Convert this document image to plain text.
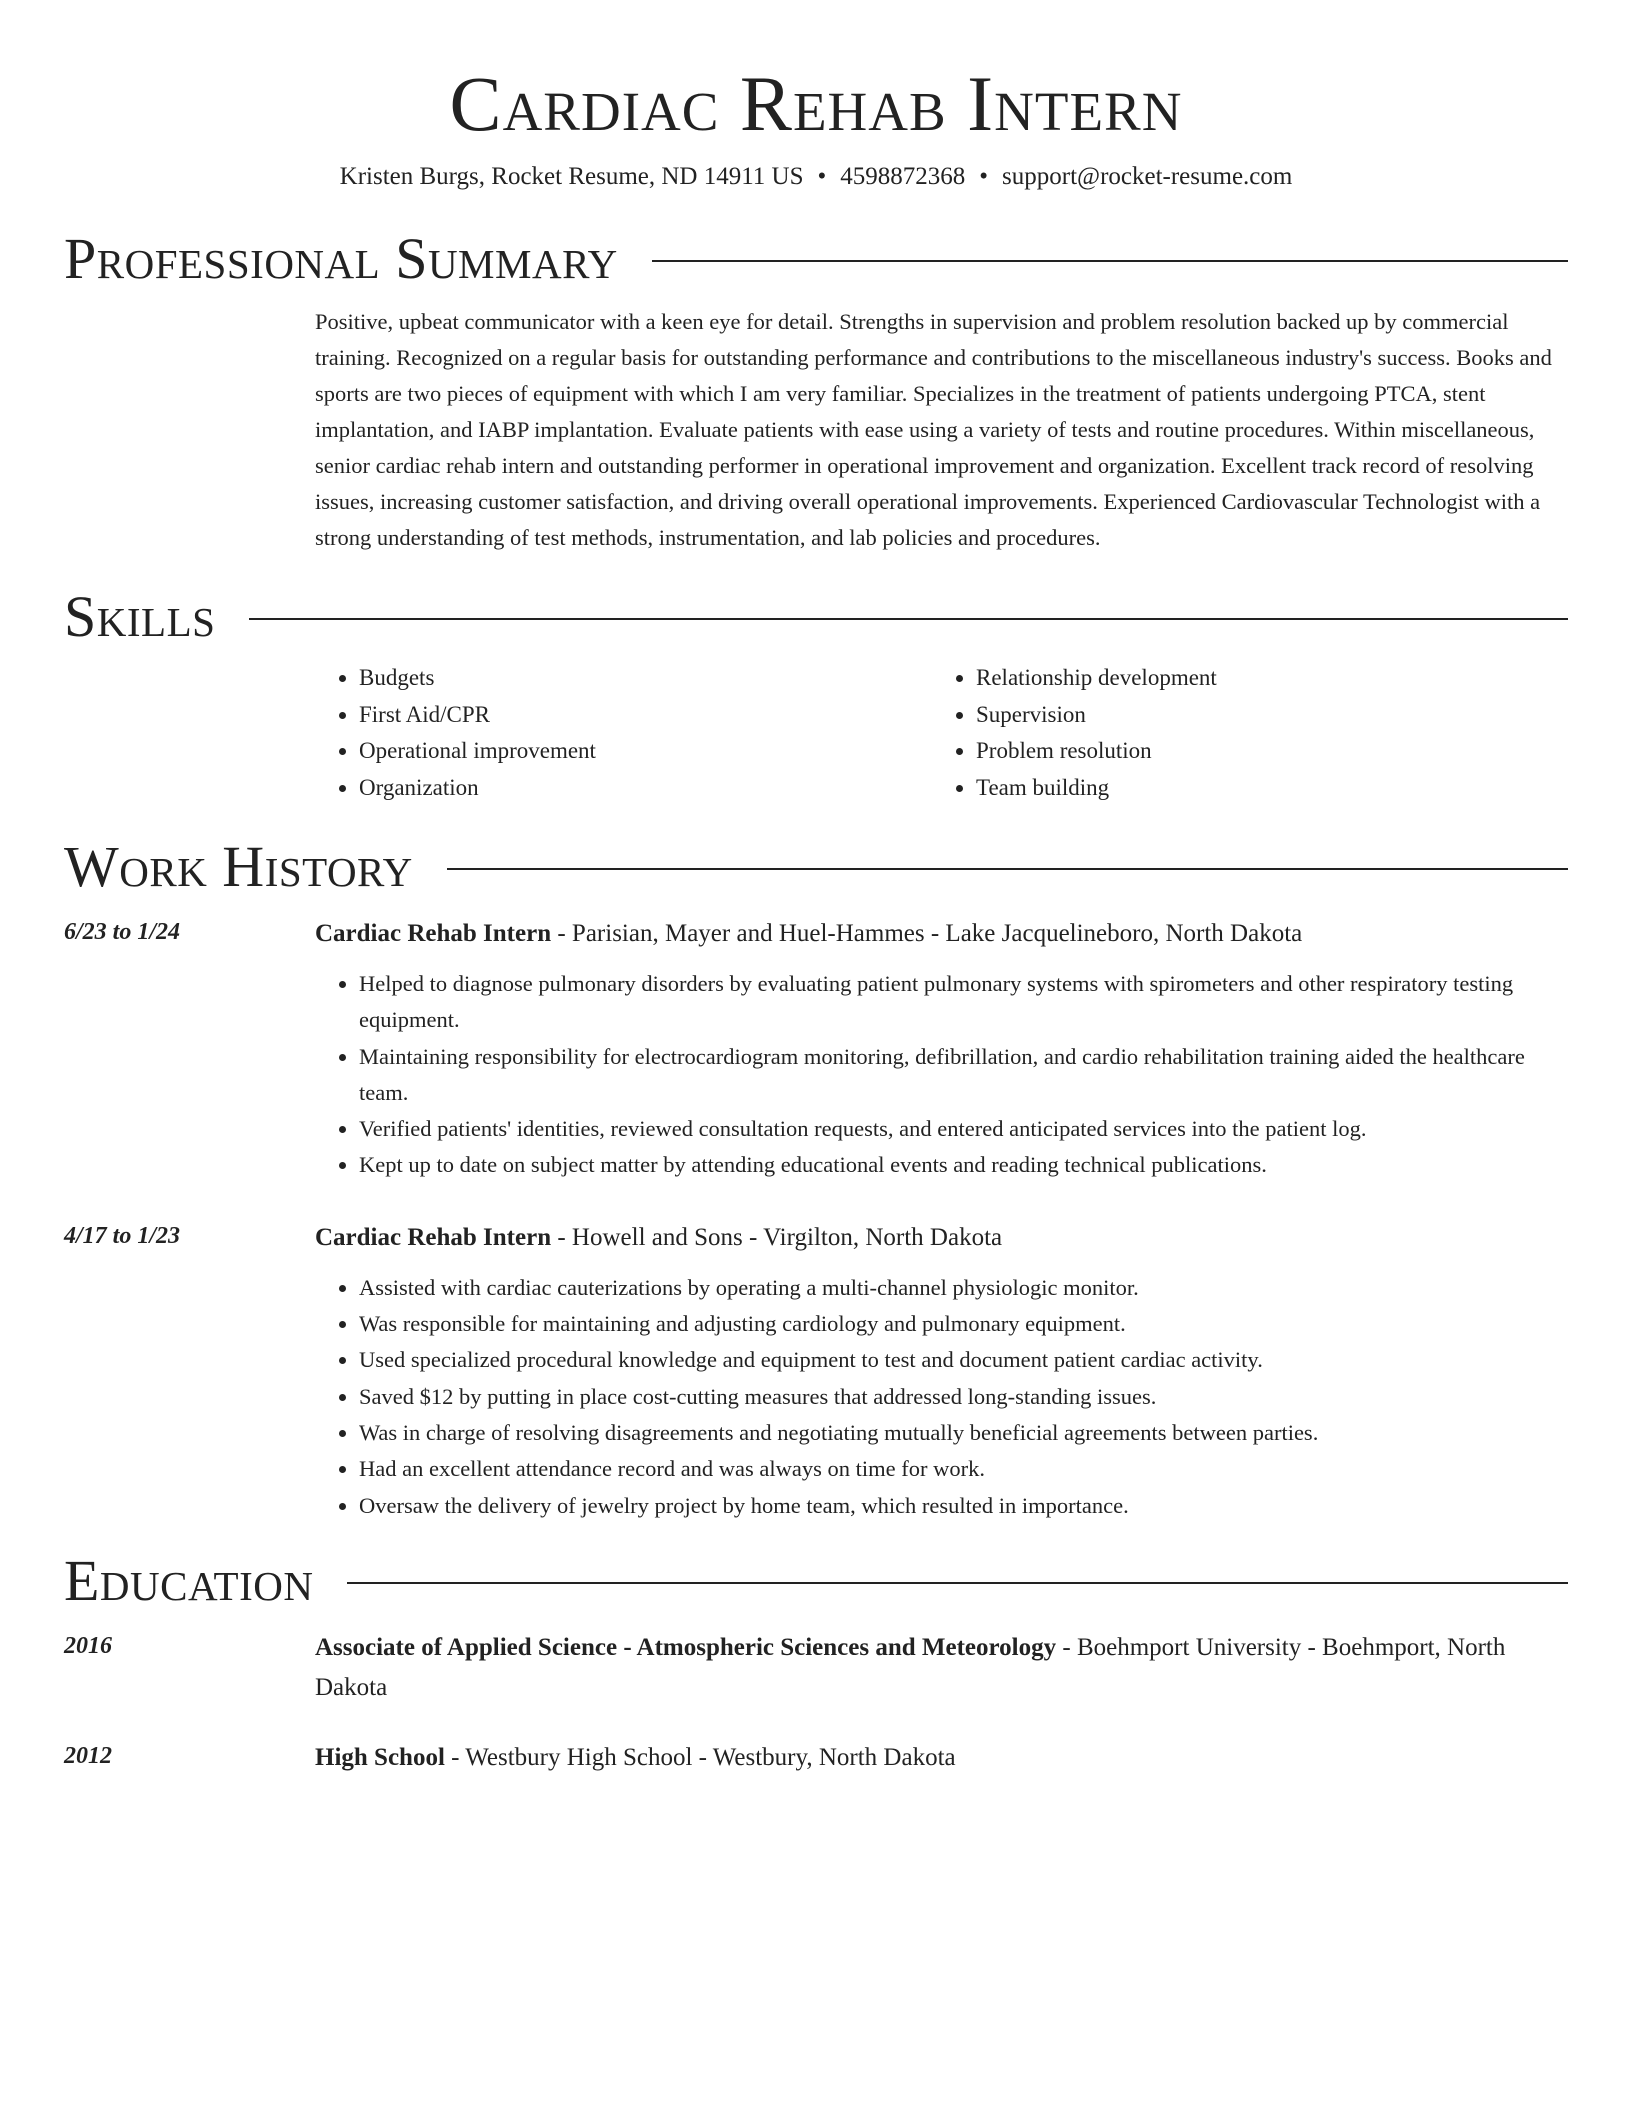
Cardiac Rehab Intern
Kristen Burgs, Rocket Resume, ND 14911 US • 4598872368 • support@rocket-resume.com
Professional Summary
Positive, upbeat communicator with a keen eye for detail. Strengths in supervision and problem resolution backed up by commercial training. Recognized on a regular basis for outstanding performance and contributions to the miscellaneous industry's success. Books and sports are two pieces of equipment with which I am very familiar. Specializes in the treatment of patients undergoing PTCA, stent implantation, and IABP implantation. Evaluate patients with ease using a variety of tests and routine procedures. Within miscellaneous, senior cardiac rehab intern and outstanding performer in operational improvement and organization. Excellent track record of resolving issues, increasing customer satisfaction, and driving overall operational improvements. Experienced Cardiovascular Technologist with a strong understanding of test methods, instrumentation, and lab policies and procedures.
Skills
• Budgets
• First Aid/CPR
• Operational improvement
• Organization
• Relationship development
• Supervision
• Problem resolution
• Team building
Work History
6/23 to 1/24	Cardiac Rehab Intern - Parisian, Mayer and Huel-Hammes - Lake Jacquelineboro, North Dakota
• Helped to diagnose pulmonary disorders by evaluating patient pulmonary systems with spirometers and other respiratory testing equipment.
• Maintaining responsibility for electrocardiogram monitoring, defibrillation, and cardio rehabilitation training aided the healthcare team.
• Verified patients' identities, reviewed consultation requests, and entered anticipated services into the patient log.
• Kept up to date on subject matter by attending educational events and reading technical publications.
4/17 to 1/23	Cardiac Rehab Intern - Howell and Sons - Virgilton, North Dakota
• Assisted with cardiac cauterizations by operating a multi-channel physiologic monitor.
• Was responsible for maintaining and adjusting cardiology and pulmonary equipment.
• Used specialized procedural knowledge and equipment to test and document patient cardiac activity.
• Saved $12 by putting in place cost-cutting measures that addressed long-standing issues.
• Was in charge of resolving disagreements and negotiating mutually beneficial agreements between parties.
• Had an excellent attendance record and was always on time for work.
• Oversaw the delivery of jewelry project by home team, which resulted in importance.
Education
2016	Associate of Applied Science - Atmospheric Sciences and Meteorology - Boehmport University - Boehmport, North Dakota
2012	High School - Westbury High School - Westbury, North Dakota
